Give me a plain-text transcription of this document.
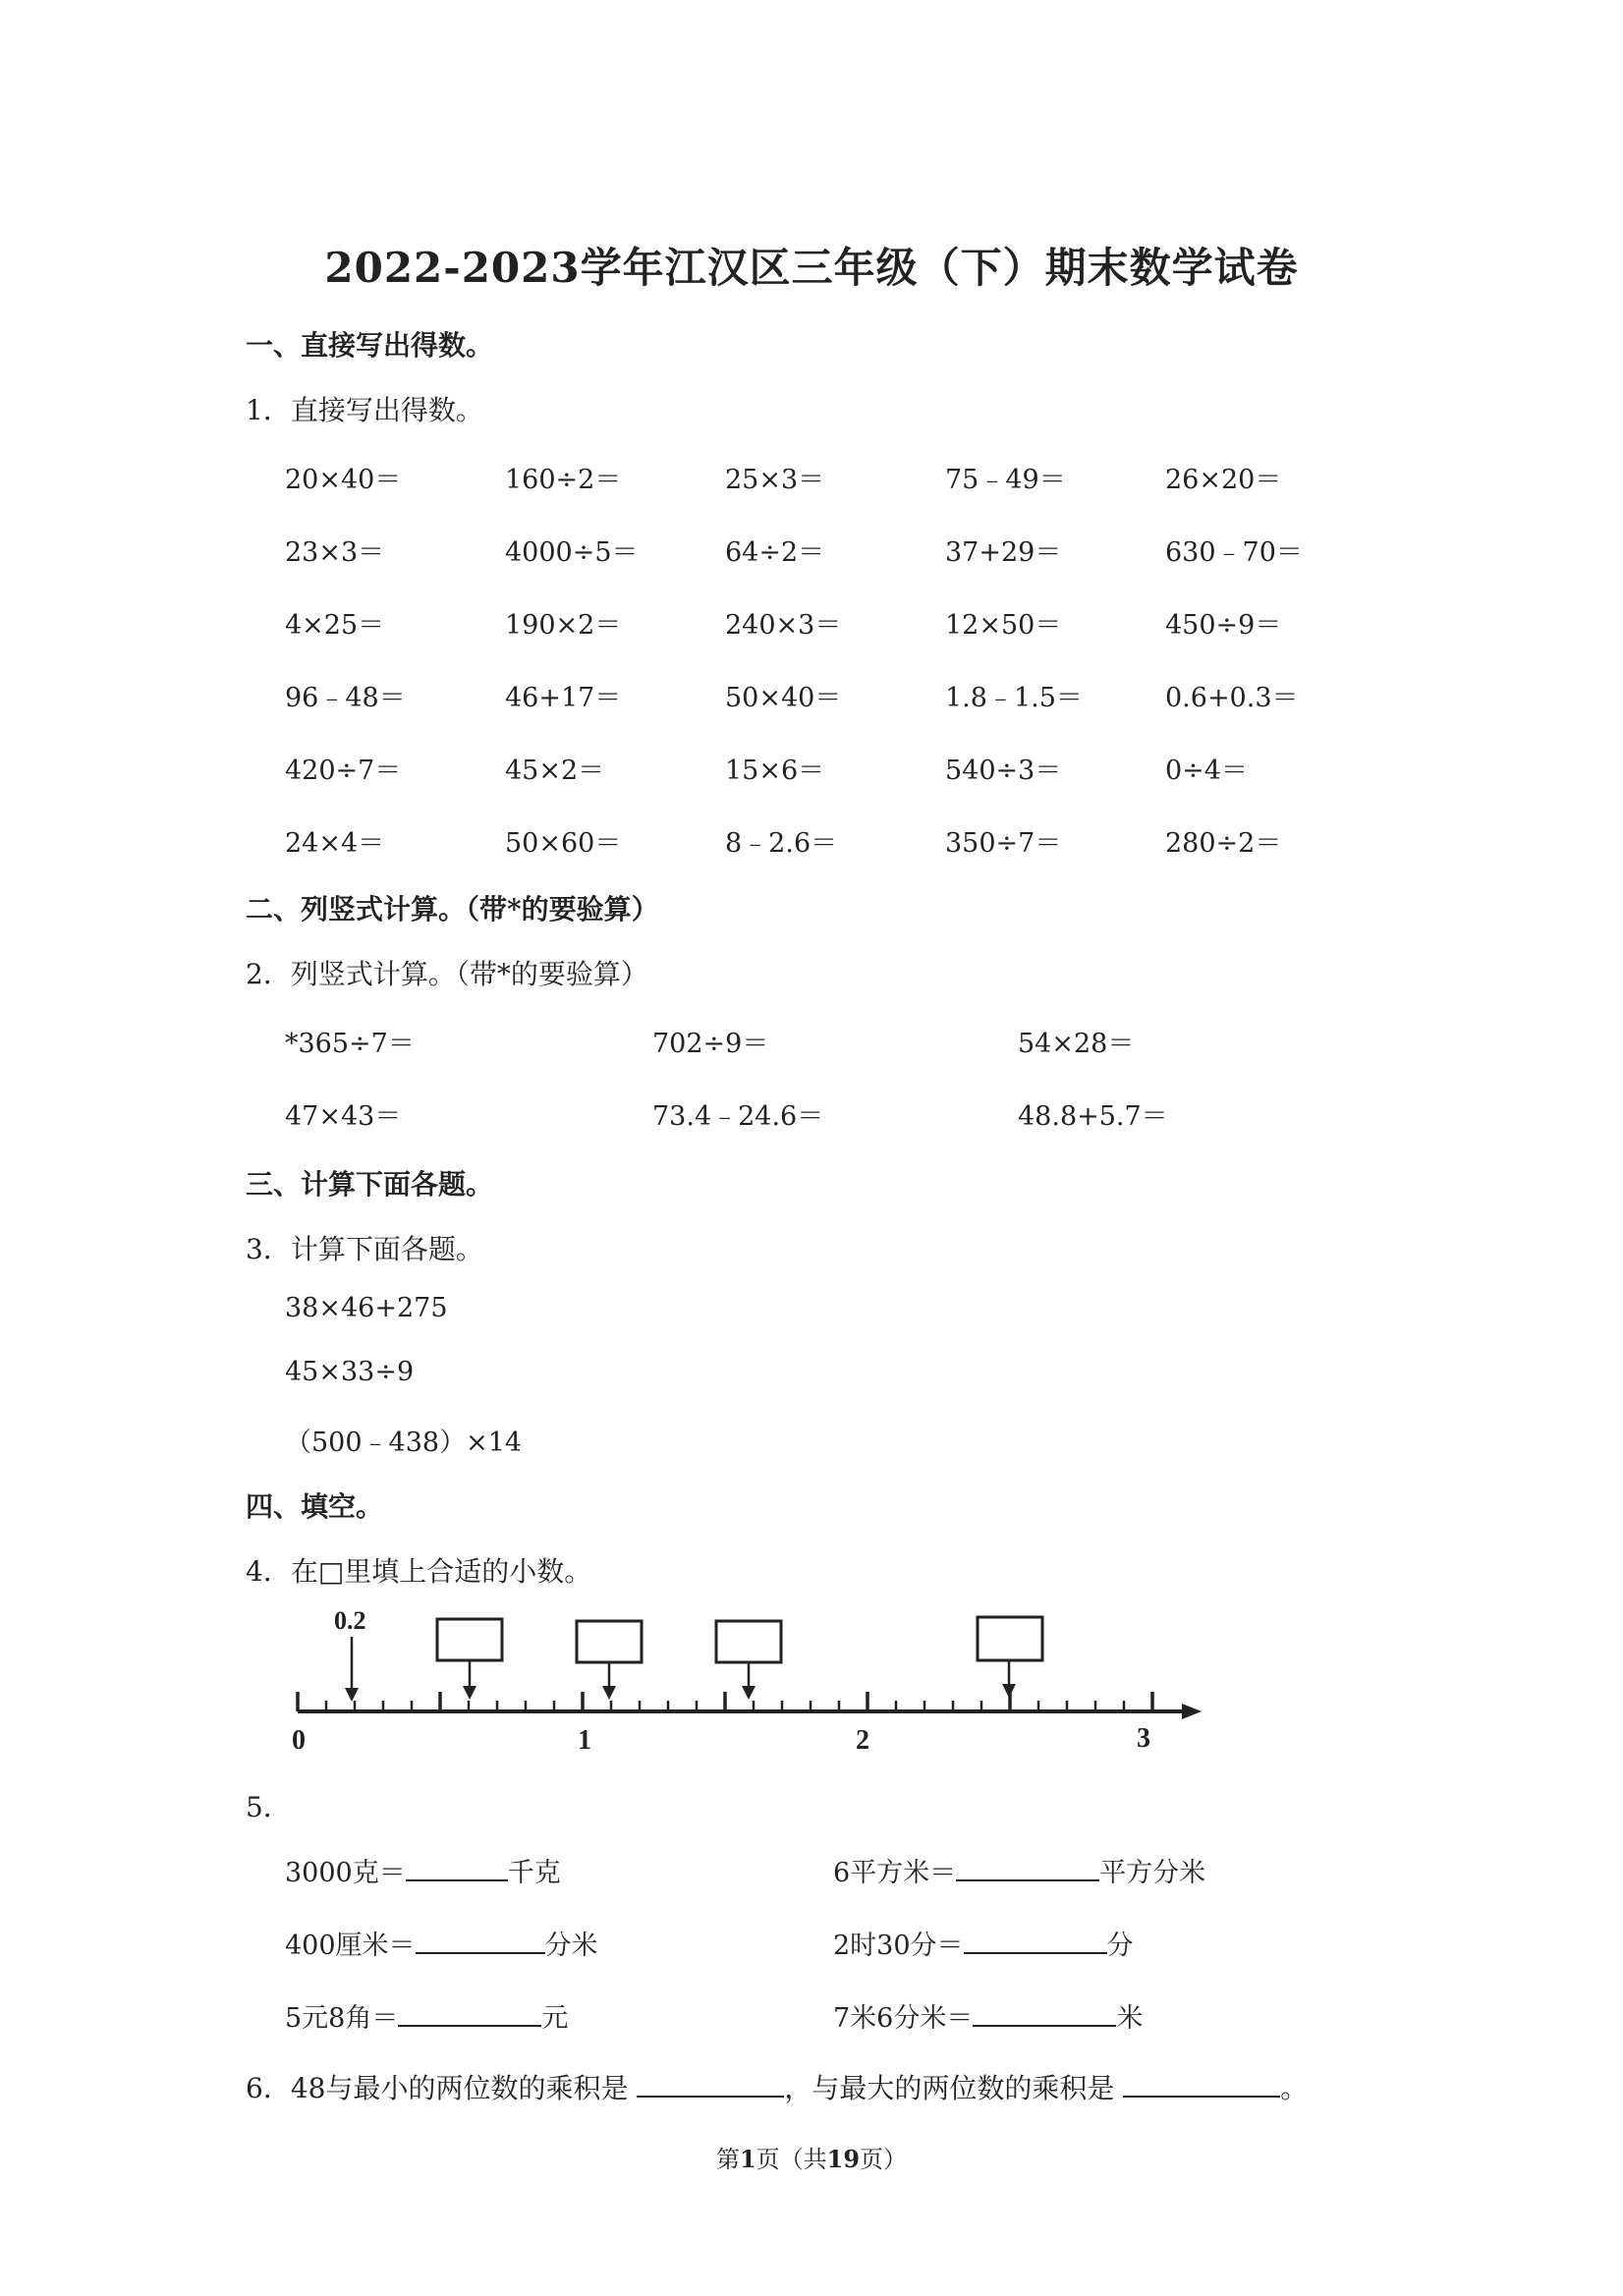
2022-2023学年江汉区三年级（下）期末数学试卷
一、直接写出得数。
1．直接写出得数。
20×40＝	160÷2＝	25×3＝	75﹣49＝	26×20＝
23×3＝	4000÷5＝	64÷2＝	37+29＝	630﹣70＝
4×25＝	190×2＝	240×3＝	12×50＝	450÷9＝
96﹣48＝	46+17＝	50×40＝	1.8﹣1.5＝	0.6+0.3＝
420÷7＝	45×2＝	15×6＝	540÷3＝	0÷4＝
24×4＝	50×60＝	8﹣2.6＝	350÷7＝	280÷2＝
二、列竖式计算。（带*的要验算）
2．列竖式计算。（带*的要验算）
*365÷7＝	702÷9＝	54×28＝
47×43＝	73.4﹣24.6＝	48.8+5.7＝
三、计算下面各题。
3．计算下面各题。
38×46+275
45×33÷9
（500﹣438）×14
四、填空。
4．在□里填上合适的小数。
0.2
0	1	2	3
5．
3000克＝	千克	6平方米＝	平方分米
400厘米＝	分米	2时30分＝	分
5元8角＝	元	7米6分米＝	米
6．48与最小的两位数的乘积是	，与最大的两位数的乘积是	。
第1页（共19页）
